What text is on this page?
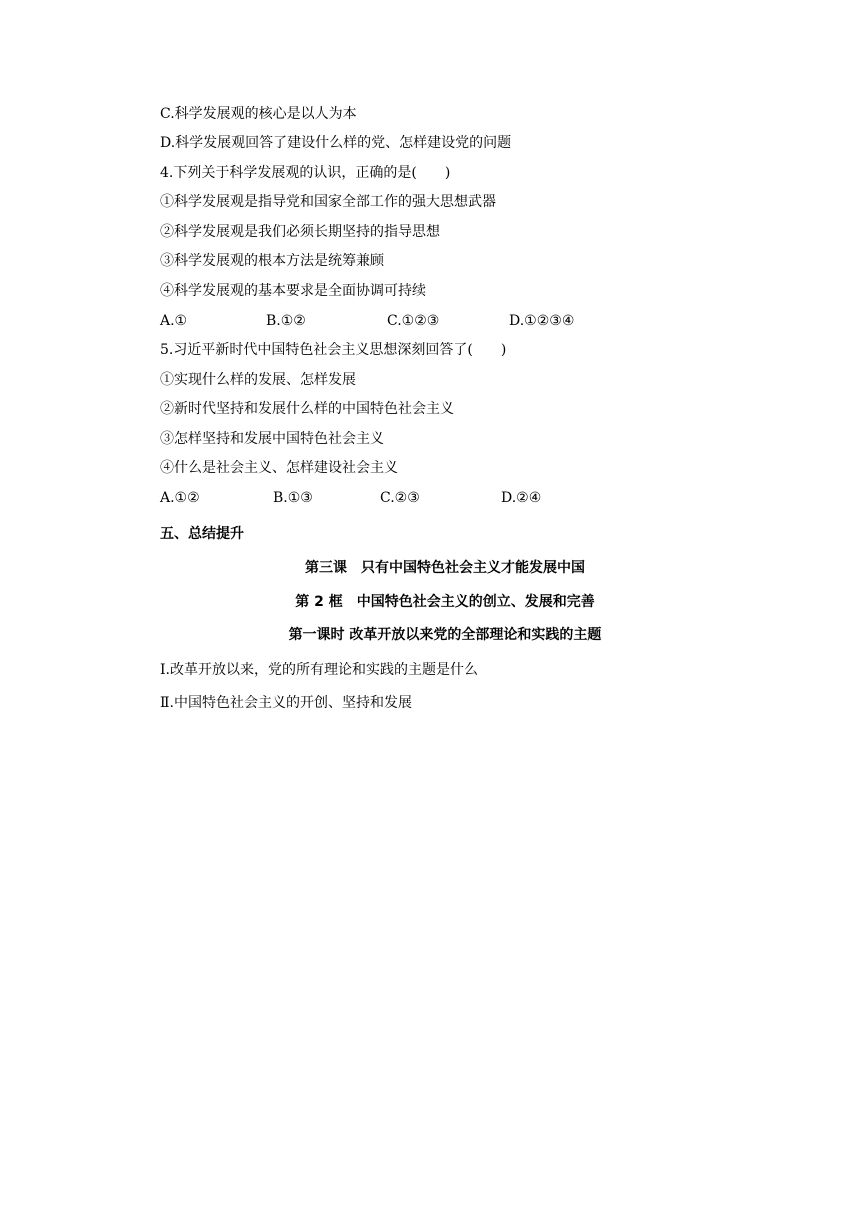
C.科学发展观的核心是以人为本
D.科学发展观回答了建设什么样的党、怎样建设党的问题
4.下列关于科学发展观的认识，正确的是(　　)
①科学发展观是指导党和国家全部工作的强大思想武器
②科学发展观是我们必须长期坚持的指导思想
③科学发展观的根本方法是统筹兼顾
④科学发展观的基本要求是全面协调可持续
A.①	B.①②	C.①②③	D.①②③④
5.习近平新时代中国特色社会主义思想深刻回答了(　　)
①实现什么样的发展、怎样发展
②新时代坚持和发展什么样的中国特色社会主义
③怎样坚持和发展中国特色社会主义
④什么是社会主义、怎样建设社会主义
A.①②	B.①③	C.②③	D.②④
五、总结提升
第三课　只有中国特色社会主义才能发展中国
第 2 框　中国特色社会主义的创立、发展和完善
第一课时 改革开放以来党的全部理论和实践的主题
Ⅰ.改革开放以来，党的所有理论和实践的主题是什么
Ⅱ.中国特色社会主义的开创、坚持和发展
